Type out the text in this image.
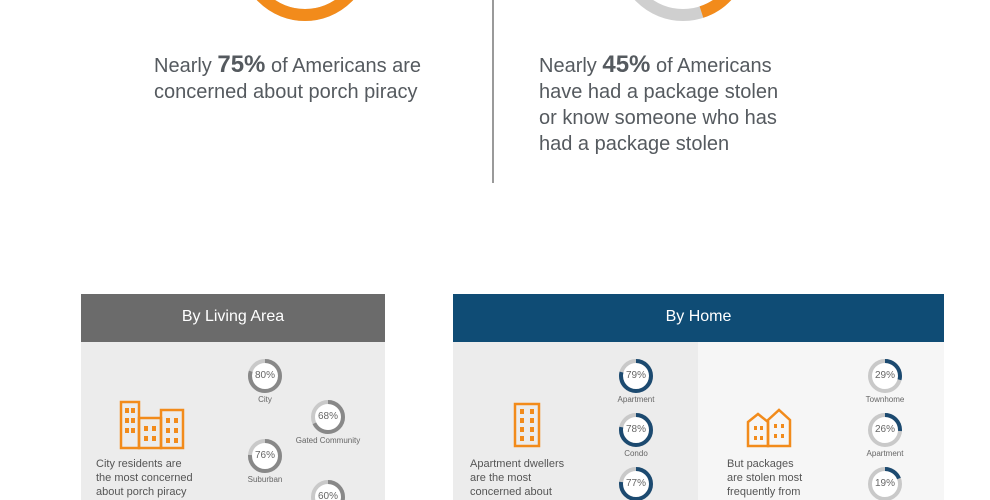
Nearly 75% of Americans are
concerned about porch piracy
Nearly 45% of Americans
have had a package stolen
or know someone who has
had a package stolen
By Living Area
City residents are
the most concerned
about porch piracy
80%
City
68%
Gated Community
76%
Suburban
60%
By Home
Apartment dwellers
are the most
concerned about
79%
Apartment
78%
Condo
77%
But packages
are stolen most
frequently from
29%
Townhome
26%
Apartment
19%
